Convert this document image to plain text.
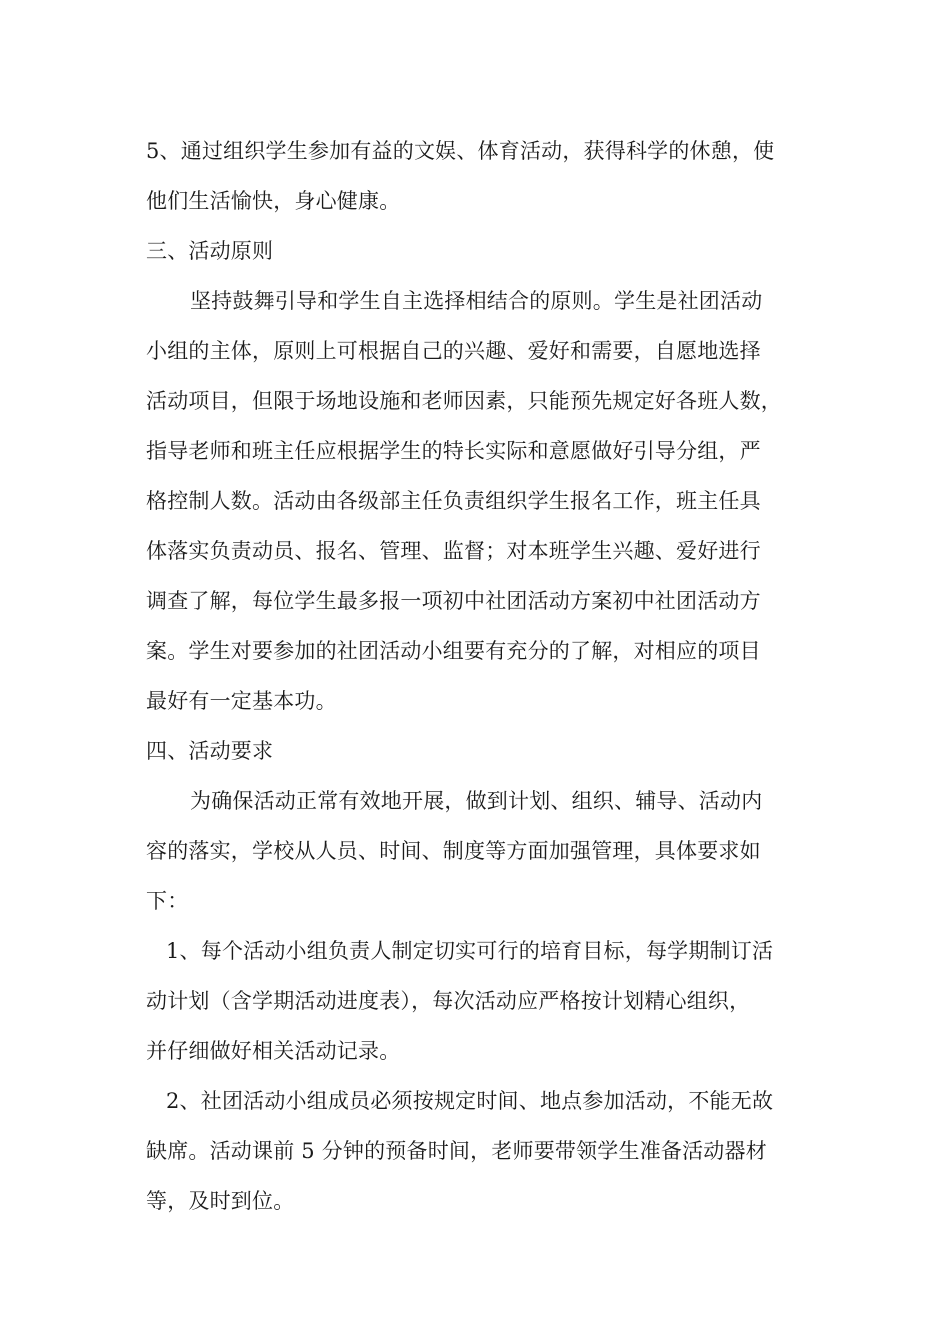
5、通过组织学生参加有益的文娱、体育活动，获得科学的休憩，使
他们生活愉快，身心健康。
三、活动原则
坚持鼓舞引导和学生自主选择相结合的原则。学生是社团活动
小组的主体，原则上可根据自己的兴趣、爱好和需要，自愿地选择
活动项目，但限于场地设施和老师因素，只能预先规定好各班人数，
指导老师和班主任应根据学生的特长实际和意愿做好引导分组，严
格控制人数。活动由各级部主任负责组织学生报名工作，班主任具
体落实负责动员、报名、管理、监督；对本班学生兴趣、爱好进行
调查了解，每位学生最多报一项初中社团活动方案初中社团活动方
案。学生对要参加的社团活动小组要有充分的了解，对相应的项目
最好有一定基本功。
四、活动要求
为确保活动正常有效地开展，做到计划、组织、辅导、活动内
容的落实，学校从人员、时间、制度等方面加强管理，具体要求如
下：
1、每个活动小组负责人制定切实可行的培育目标，每学期制订活
动计划（含学期活动进度表），每次活动应严格按计划精心组织，
并仔细做好相关活动记录。
2、社团活动小组成员必须按规定时间、地点参加活动，不能无故
缺席。活动课前 5 分钟的预备时间，老师要带领学生准备活动器材
等，及时到位。
